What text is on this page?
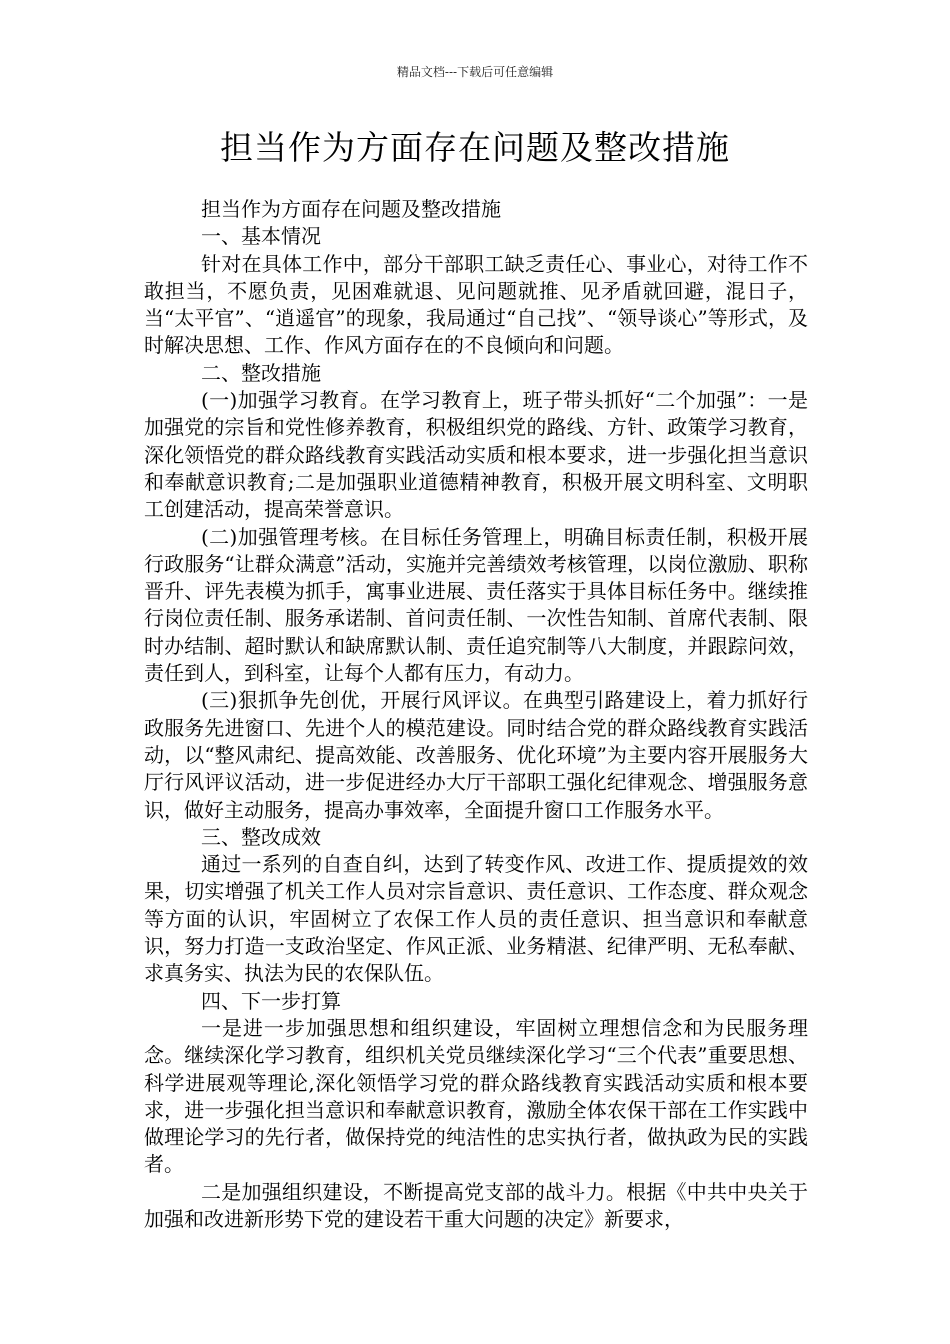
精品文档---下载后可任意编辑
担当作为方面存在问题及整改措施

担当作为方面存在问题及整改措施

一、基本情况

针对在具体工作中，部分干部职工缺乏责任心、事业心，对待工作不敢担当，不愿负责，见困难就退、见问题就推、见矛盾就回避，混日子，当“太平官”、“逍遥官”的现象，我局通过“自己找”、“领导谈心”等形式，及时解决思想、工作、作风方面存在的不良倾向和问题。

二、整改措施

(一)加强学习教育。在学习教育上，班子带头抓好“二个加强”：一是加强党的宗旨和党性修养教育，积极组织党的路线、方针、政策学习教育，深化领悟党的群众路线教育实践活动实质和根本要求，进一步强化担当意识和奉献意识教育;二是加强职业道德精神教育，积极开展文明科室、文明职工创建活动，提高荣誉意识。

(二)加强管理考核。在目标任务管理上，明确目标责任制，积极开展行政服务“让群众满意”活动，实施并完善绩效考核管理，以岗位激励、职称晋升、评先表模为抓手，寓事业进展、责任落实于具体目标任务中。继续推行岗位责任制、服务承诺制、首问责任制、一次性告知制、首席代表制、限时办结制、超时默认和缺席默认制、责任追究制等八大制度，并跟踪问效，责任到人，到科室，让每个人都有压力，有动力。

(三)狠抓争先创优，开展行风评议。在典型引路建设上，着力抓好行政服务先进窗口、先进个人的模范建设。同时结合党的群众路线教育实践活动，以“整风肃纪、提高效能、改善服务、优化环境”为主要内容开展服务大厅行风评议活动，进一步促进经办大厅干部职工强化纪律观念、增强服务意识，做好主动服务，提高办事效率，全面提升窗口工作服务水平。

三、整改成效

通过一系列的自查自纠，达到了转变作风、改进工作、提质提效的效果，切实增强了机关工作人员对宗旨意识、责任意识、工作态度、群众观念等方面的认识，牢固树立了农保工作人员的责任意识、担当意识和奉献意识，努力打造一支政治坚定、作风正派、业务精湛、纪律严明、无私奉献、求真务实、执法为民的农保队伍。

四、下一步打算

一是进一步加强思想和组织建设，牢固树立理想信念和为民服务理念。继续深化学习教育，组织机关党员继续深化学习“三个代表”重要思想、科学进展观等理论,深化领悟学习党的群众路线教育实践活动实质和根本要求，进一步强化担当意识和奉献意识教育，激励全体农保干部在工作实践中做理论学习的先行者，做保持党的纯洁性的忠实执行者，做执政为民的实践者。

二是加强组织建设，不断提高党支部的战斗力。根据《中共中央关于加强和改进新形势下党的建设若干重大问题的决定》新要求，
